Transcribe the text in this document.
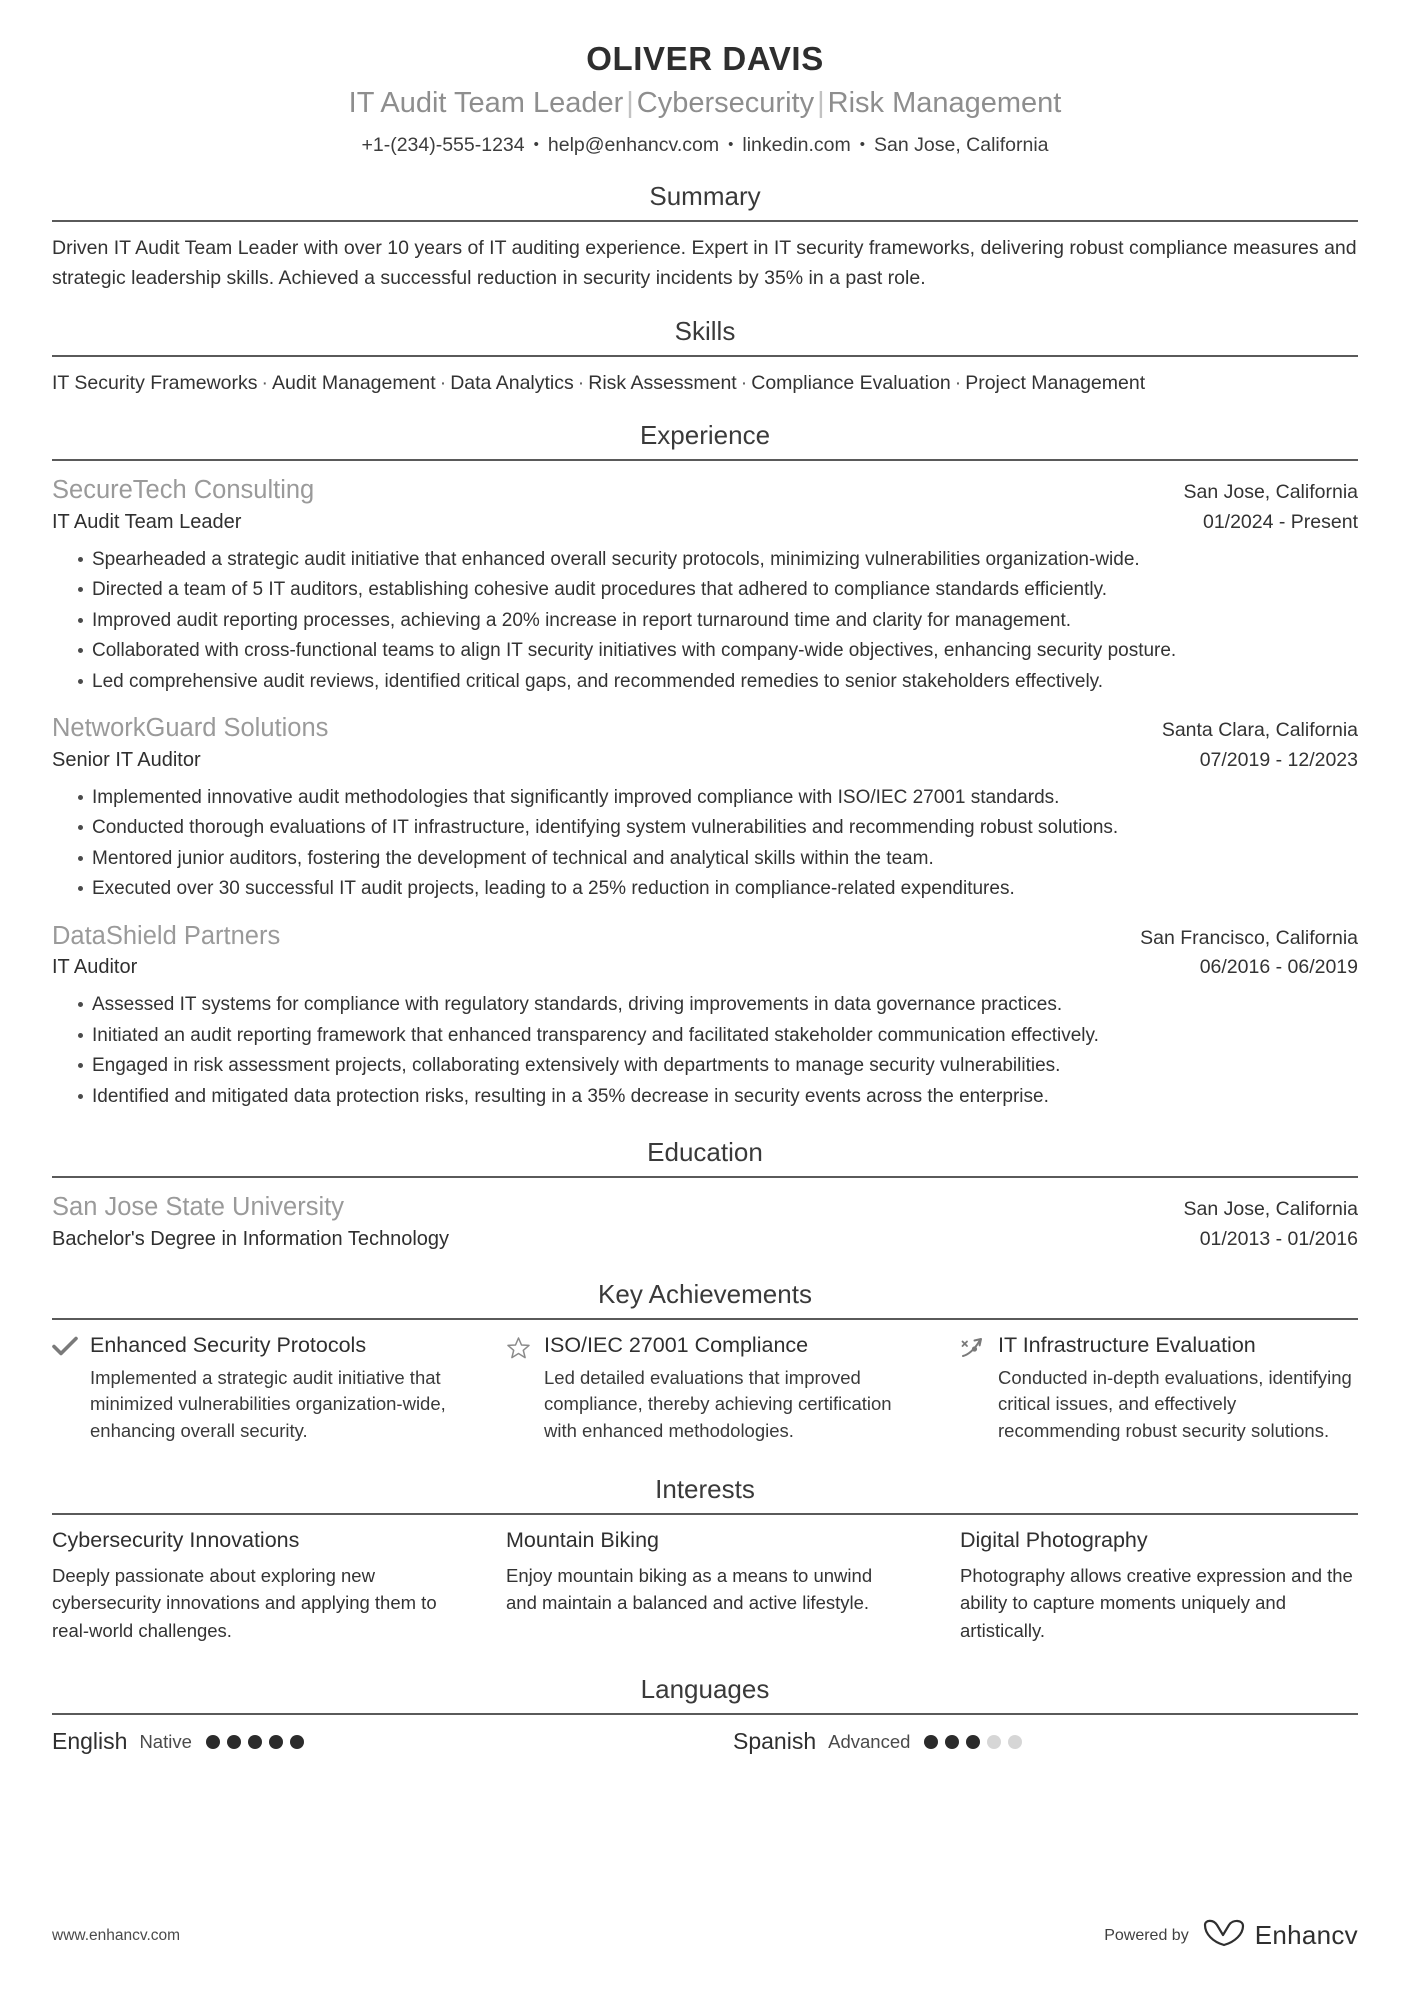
OLIVER DAVIS
IT Audit Team Leader | Cybersecurity | Risk Management
+1-(234)-555-1234 • help@enhancv.com • linkedin.com • San Jose, California
Summary
Driven IT Audit Team Leader with over 10 years of IT auditing experience. Expert in IT security frameworks, delivering robust compliance measures and strategic leadership skills. Achieved a successful reduction in security incidents by 35% in a past role.
Skills
IT Security Frameworks · Audit Management · Data Analytics · Risk Assessment · Compliance Evaluation · Project Management
Experience
SecureTech Consulting	San Jose, California
IT Audit Team Leader	01/2024 - Present
Spearheaded a strategic audit initiative that enhanced overall security protocols, minimizing vulnerabilities organization-wide.
Directed a team of 5 IT auditors, establishing cohesive audit procedures that adhered to compliance standards efficiently.
Improved audit reporting processes, achieving a 20% increase in report turnaround time and clarity for management.
Collaborated with cross-functional teams to align IT security initiatives with company-wide objectives, enhancing security posture.
Led comprehensive audit reviews, identified critical gaps, and recommended remedies to senior stakeholders effectively.
NetworkGuard Solutions	Santa Clara, California
Senior IT Auditor	07/2019 - 12/2023
Implemented innovative audit methodologies that significantly improved compliance with ISO/IEC 27001 standards.
Conducted thorough evaluations of IT infrastructure, identifying system vulnerabilities and recommending robust solutions.
Mentored junior auditors, fostering the development of technical and analytical skills within the team.
Executed over 30 successful IT audit projects, leading to a 25% reduction in compliance-related expenditures.
DataShield Partners	San Francisco, California
IT Auditor	06/2016 - 06/2019
Assessed IT systems for compliance with regulatory standards, driving improvements in data governance practices.
Initiated an audit reporting framework that enhanced transparency and facilitated stakeholder communication effectively.
Engaged in risk assessment projects, collaborating extensively with departments to manage security vulnerabilities.
Identified and mitigated data protection risks, resulting in a 35% decrease in security events across the enterprise.
Education
San Jose State University	San Jose, California
Bachelor's Degree in Information Technology	01/2013 - 01/2016
Key Achievements
Enhanced Security Protocols
Implemented a strategic audit initiative that minimized vulnerabilities organization-wide, enhancing overall security.
ISO/IEC 27001 Compliance
Led detailed evaluations that improved compliance, thereby achieving certification with enhanced methodologies.
IT Infrastructure Evaluation
Conducted in-depth evaluations, identifying critical issues, and effectively recommending robust security solutions.
Interests
Cybersecurity Innovations
Deeply passionate about exploring new cybersecurity innovations and applying them to real-world challenges.
Mountain Biking
Enjoy mountain biking as a means to unwind and maintain a balanced and active lifestyle.
Digital Photography
Photography allows creative expression and the ability to capture moments uniquely and artistically.
Languages
English Native	Spanish Advanced
www.enhancv.com	Powered by	Enhancv
